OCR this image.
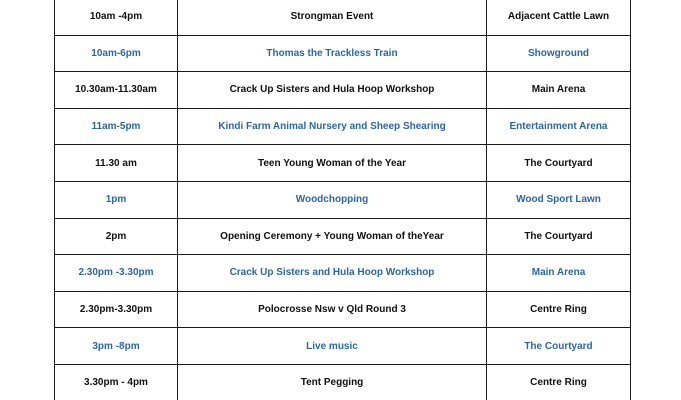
10am -4pm	Strongman Event	Adjacent Cattle Lawn
10am-6pm	Thomas the Trackless Train	Showground
10.30am-11.30am	Crack Up Sisters and Hula Hoop Workshop	Main Arena
11am-5pm	Kindi Farm Animal Nursery and Sheep Shearing	Entertainment Arena
11.30 am	Teen Young Woman of the Year	The Courtyard
1pm	Woodchopping	Wood Sport Lawn
2pm	Opening Ceremony + Young Woman of theYear	The Courtyard
2.30pm -3.30pm	Crack Up Sisters and Hula Hoop Workshop	Main Arena
2.30pm-3.30pm	Polocrosse Nsw v Qld Round 3	Centre Ring
3pm -8pm	Live music	The Courtyard
3.30pm - 4pm	Tent Pegging	Centre Ring
